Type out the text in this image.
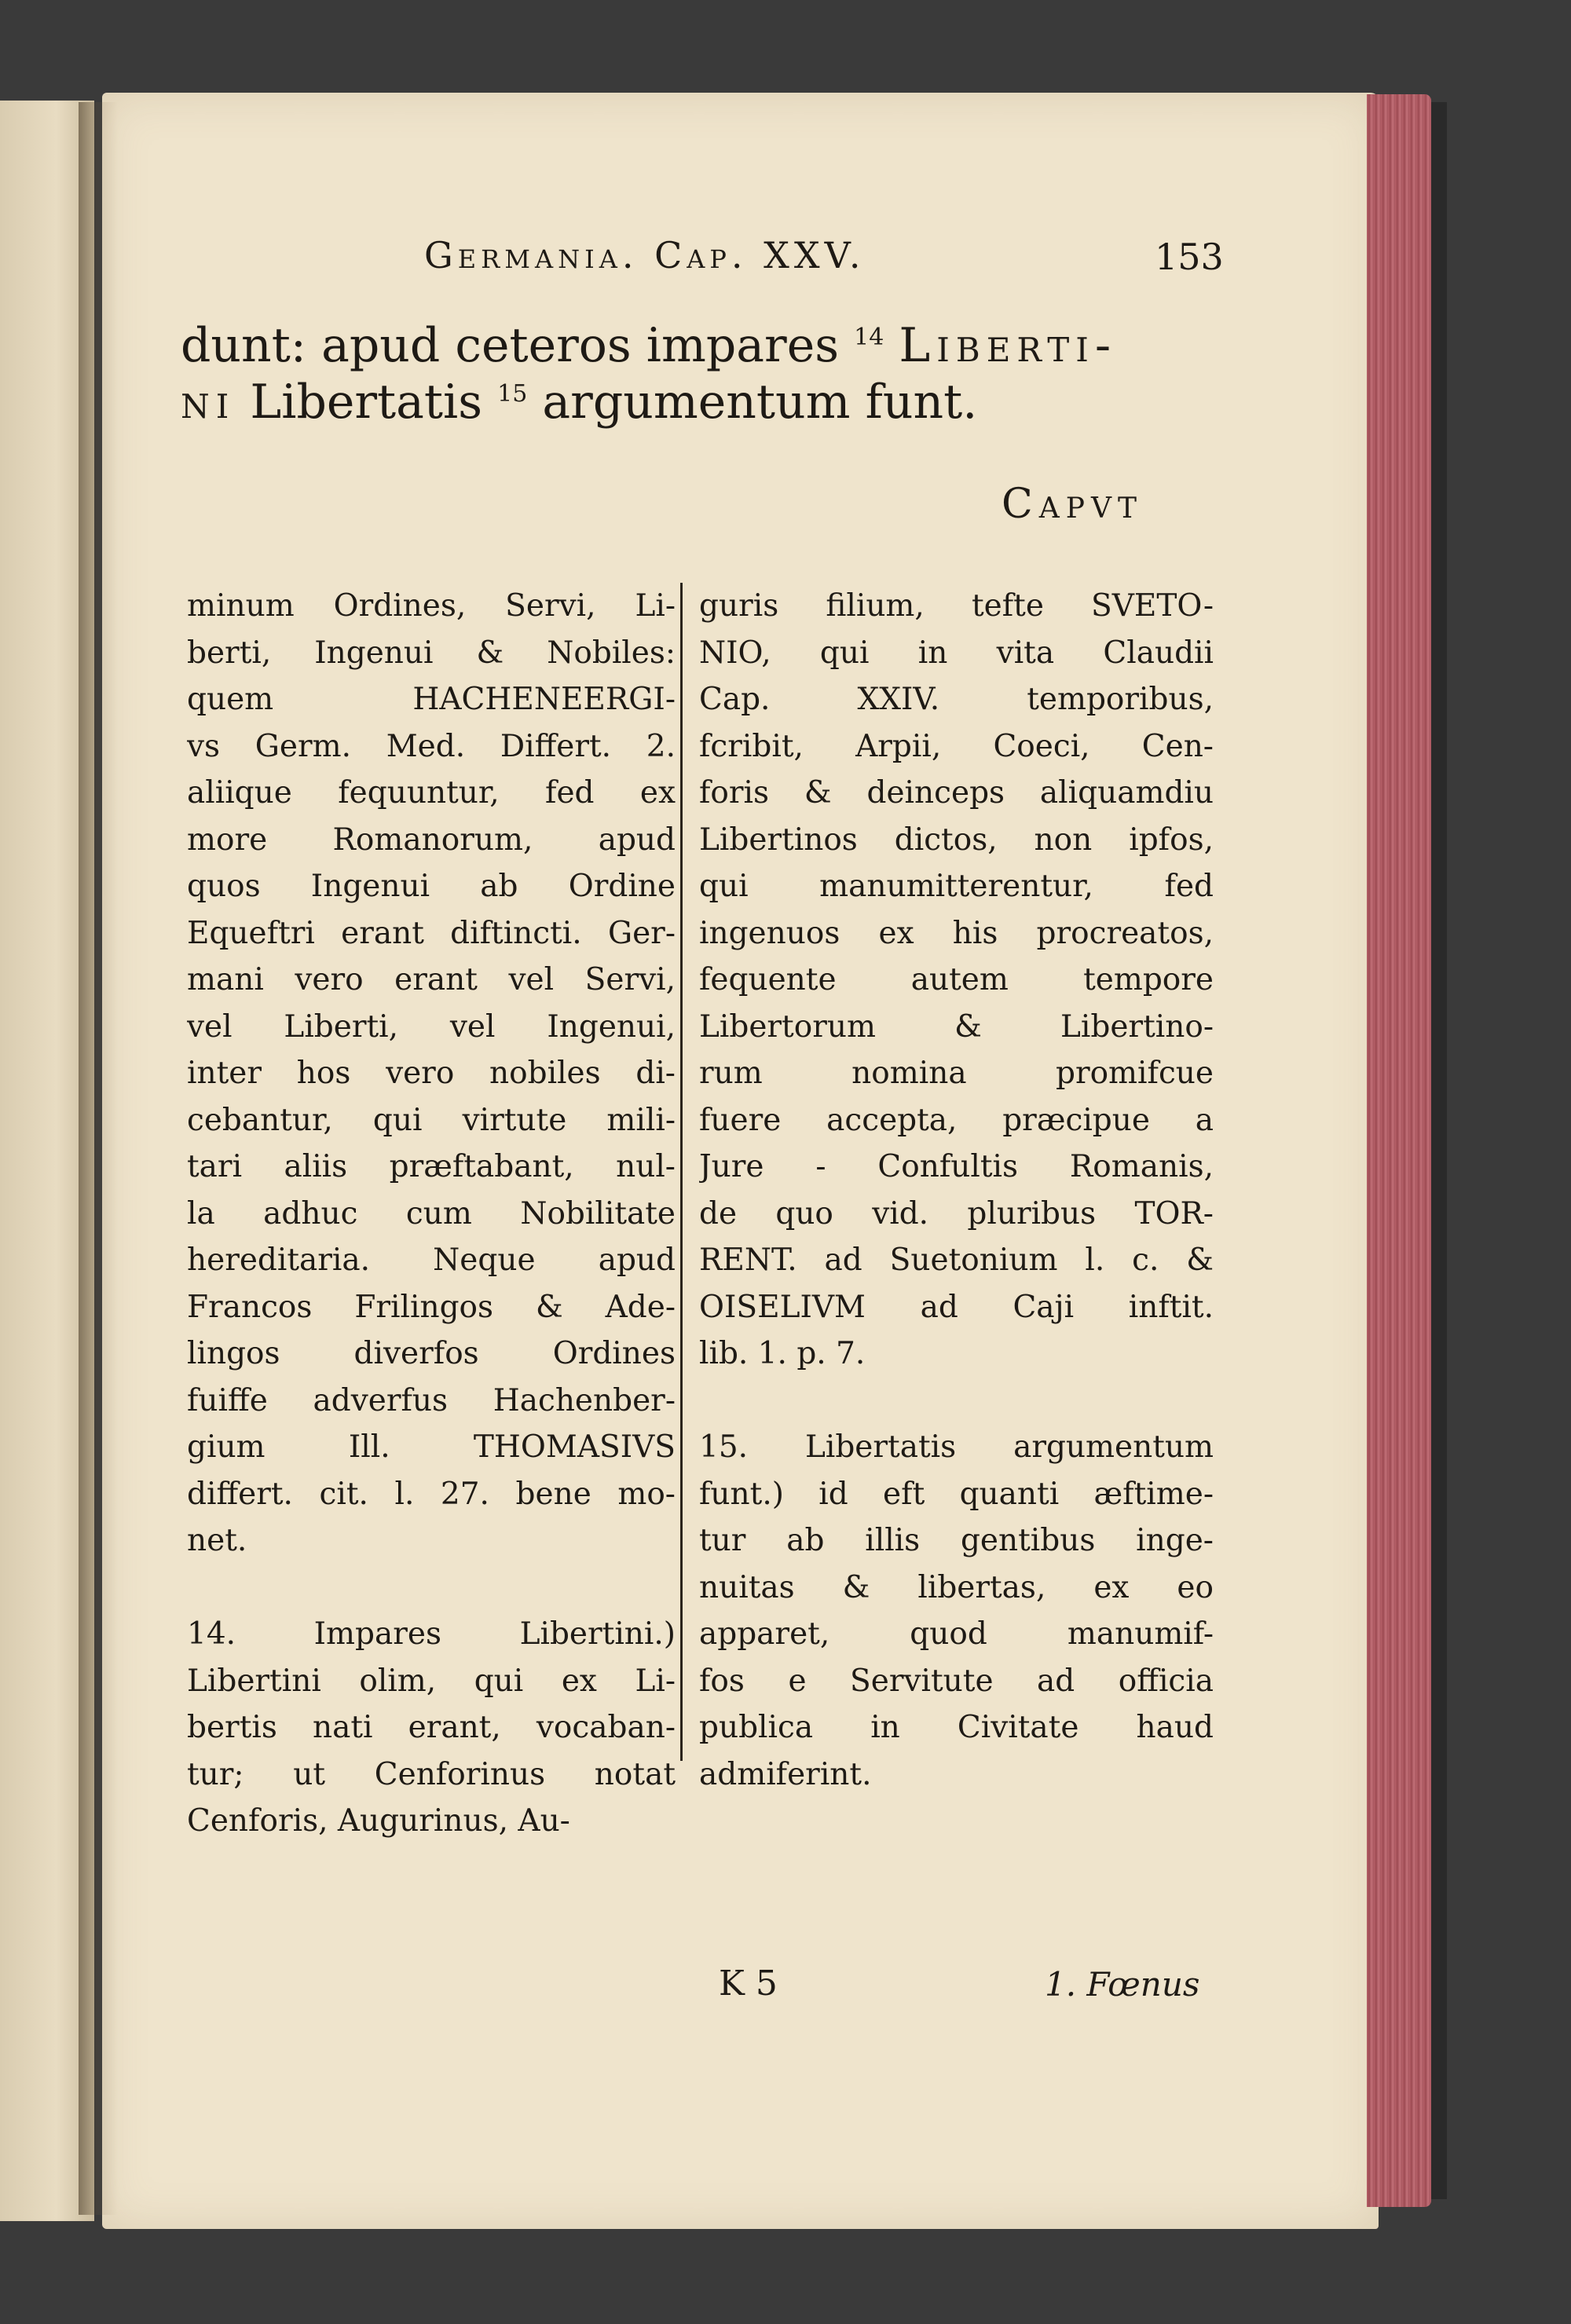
Germania. Cap. XXV.	153
dunt: apud ceteros impares $^{14}$ Liberti-
ni Libertatis $^{15}$ argumentum funt.
Capvt
minum Ordines, Servi, Li-
berti, Ingenui & Nobiles:
quem HACHENEERGI-
vs Germ. Med. Differt. 2.
aliique fequuntur, fed ex
more Romanorum, apud
quos Ingenui ab Ordine
Equeftri erant diftincti. Ger-
mani vero erant vel Servi,
vel Liberti, vel Ingenui,
inter hos vero nobiles di-
cebantur, qui virtute mili-
tari aliis præftabant, nul-
la adhuc cum Nobilitate
hereditaria. Neque apud
Francos Frilingos & Ade-
lingos diverfos Ordines
fuiffe adverfus Hachenber-
gium Ill. THOMASIVS
differt. cit. l. 27. bene mo-
net.
14. Impares Libertini.)
Libertini olim, qui ex Li-
bertis nati erant, vocaban-
tur; ut Cenforinus notat
Cenforis, Augurinus, Au-
guris filium, tefte SVETO-
NIO, qui in vita Claudii
Cap. XXIV. temporibus,
fcribit, Arpii, Coeci, Cen-
foris & deinceps aliquamdiu
Libertinos dictos, non ipfos,
qui manumitterentur, fed
ingenuos ex his procreatos,
fequente autem tempore
Libertorum & Libertino-
rum nomina promifcue
fuere accepta, præcipue a
Jure - Confultis Romanis,
de quo vid. pluribus TOR-
RENT. ad Suetonium l. c. &
OISELIVM ad Caji inftit.
lib. 1. p. 7.
15. Libertatis argumentum
funt.) id eft quanti æftime-
tur ab illis gentibus inge-
nuitas & libertas, ex eo
apparet, quod manumif-
fos e Servitute ad officia
publica in Civitate haud
admiferint.
K 5	1. Fœnus
